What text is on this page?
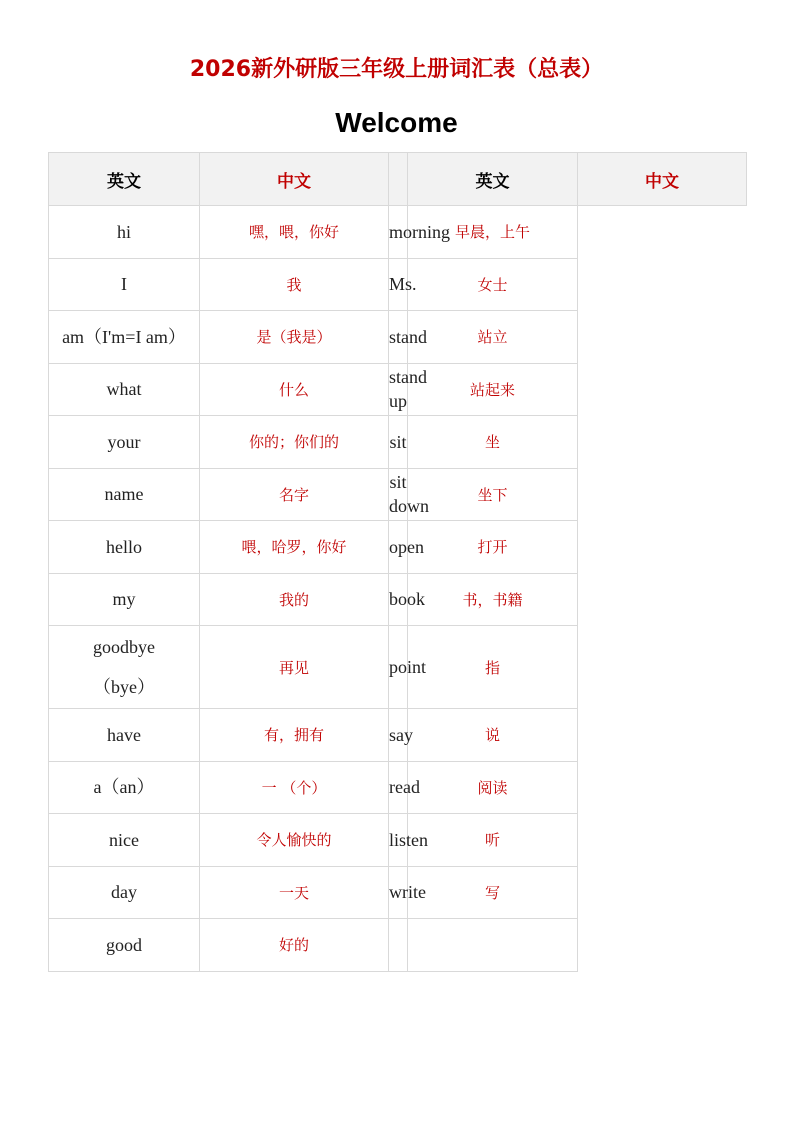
2026新外研版三年级上册词汇表（总表）
Welcome
英文	中文		英文	中文
hi	嘿，喂，你好	morning	早晨，上午	
I	我	Ms.	女士	
am（I'm=I am）	是（我是）	stand	站立	
what	什么	stand up	站起来	
your	你的；你们的	sit	坐	
name	名字	sit down	坐下	
hello	喂，哈罗，你好	open	打开	
my	我的	book	书，书籍	
goodbye
（bye）	再见	point	指	
have	有，拥有	say	说	
a（an）	一 （个）	read	阅读	
nice	令人愉快的	listen	听	
day	一天	write	写	
good	好的			
